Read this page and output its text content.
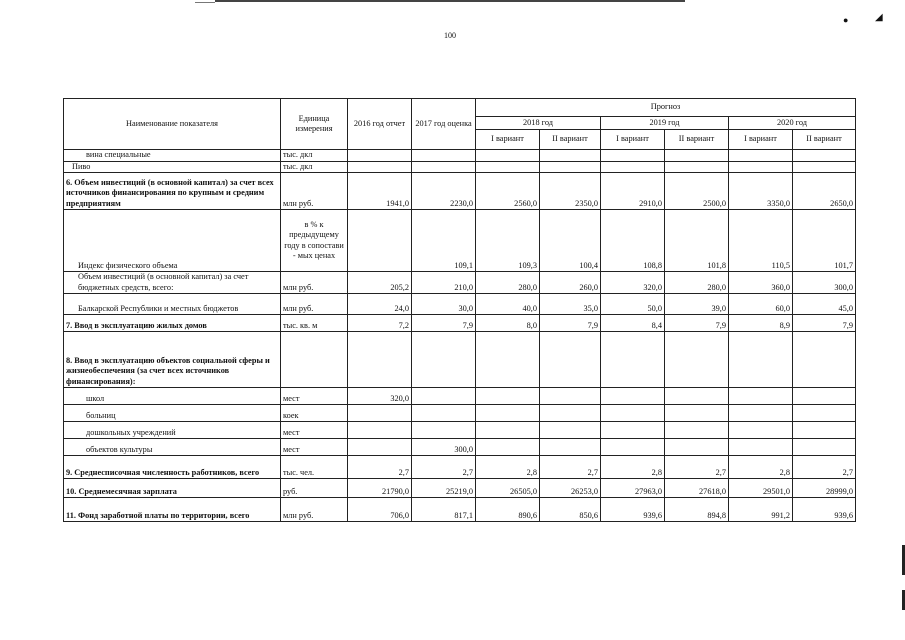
100
●	◢
Наименование показателя	Единица измерения	2016 год отчет	2017 год оценка	Прогноз					
				2018 год		2019 год		2020 год	
				I вариант	II вариант	I вариант	II вариант	I вариант	II вариант
вина специальные	тыс. дкл								
Пиво	тыс. дкл								
6. Объем инвестиций (в основной капитал) за счет всех источников финансирования по крупным и средним предприятиям	млн руб.	1941,0	2230,0	2560,0	2350,0	2910,0	2500,0	3350,0	2650,0
Индекс физического объема	в % к предыдущему году в сопостави - мых ценах		109,1	109,3	100,4	108,8	101,8	110,5	101,7
Объем инвестиций (в основной капитал) за счет бюджетных средств, всего:	млн руб.	205,2	210,0	280,0	260,0	320,0	280,0	360,0	300,0
Балкарской Республики и местных бюджетов	млн руб.	24,0	30,0	40,0	35,0	50,0	39,0	60,0	45,0
7. Ввод в эксплуатацию жилых домов	тыс. кв. м	7,2	7,9	8,0	7,9	8,4	7,9	8,9	7,9
8. Ввод в эксплуатацию объектов социальной сферы и жизнеобеспечения (за счет всех источников финансирования):									
школ	мест	320,0							
больниц	коек								
дошкольных учреждений	мест								
объектов культуры	мест		300,0						
9. Среднесписочная численность работников, всего	тыс. чел.	2,7	2,7	2,8	2,7	2,8	2,7	2,8	2,7
10. Среднемесячная зарплата	руб.	21790,0	25219,0	26505,0	26253,0	27963,0	27618,0	29501,0	28999,0
11. Фонд заработной платы по территории, всего	млн руб.	706,0	817,1	890,6	850,6	939,6	894,8	991,2	939,6
